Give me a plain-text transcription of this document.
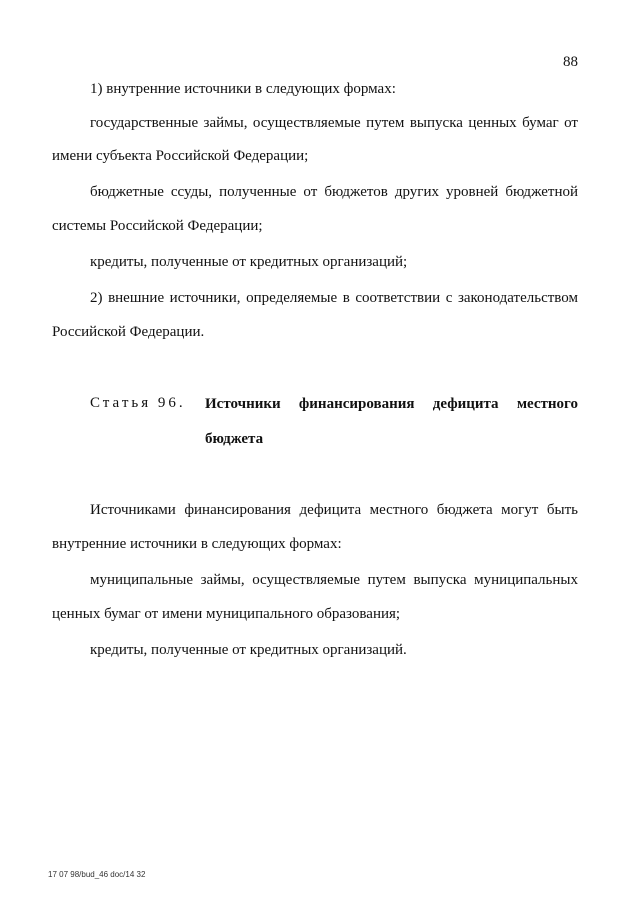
88
1) внутренние источники в следующих формах:
государственные займы, осуществляемые путем выпуска ценных бумаг от
имени субъекта Российской Федерации;
бюджетные ссуды, полученные от бюджетов других уровней бюджетной
системы Российской Федерации;
кредиты, полученные от кредитных организаций;
2) внешние источники, определяемые в соответствии с законодательством
Российской Федерации.
Статья 96. Источники финансирования дефицита местного
бюджета
Источниками финансирования дефицита местного бюджета могут быть
внутренние источники в следующих формах:
муниципальные займы, осуществляемые путем выпуска муниципальных
ценных бумаг от имени муниципального образования;
кредиты, полученные от кредитных организаций.
17 07 98/bud_46 doc/14 32
